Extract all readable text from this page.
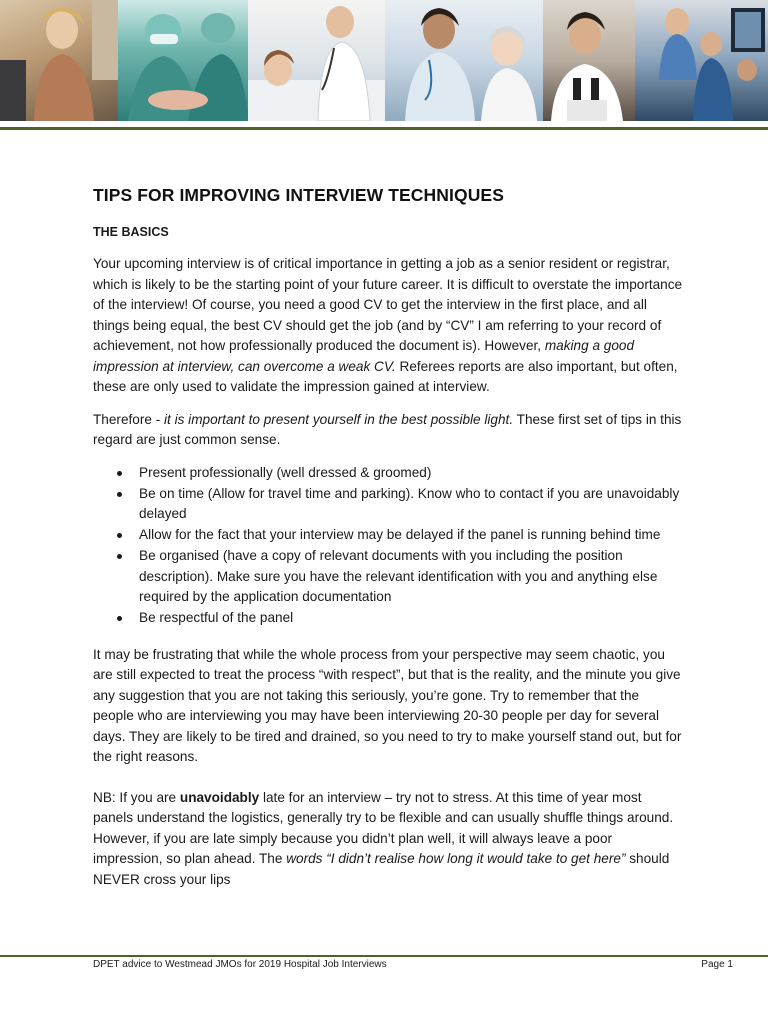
TIPS FOR IMPROVING INTERVIEW TECHNIQUES
THE BASICS

Your upcoming interview is of critical importance in getting a job as a senior resident or registrar, which is likely to be the starting point of your future career. It is difficult to overstate the importance of the interview! Of course, you need a good CV to get the interview in the first place, and all things being equal, the best CV should get the job (and by “CV” I am referring to your record of achievement, not how professionally produced the document is). However, making a good impression at interview, can overcome a weak CV. Referees reports are also important, but often, these are only used to validate the impression gained at interview.

Therefore - it is important to present yourself in the best possible light. These first set of tips in this regard are just common sense.

Present professionally (well dressed & groomed)
Be on time (Allow for travel time and parking). Know who to contact if you are unavoidably delayed
Allow for the fact that your interview may be delayed if the panel is running behind time
Be organised (have a copy of relevant documents with you including the position description). Make sure you have the relevant identification with you and anything else required by the application documentation
Be respectful of the panel

It may be frustrating that while the whole process from your perspective may seem chaotic, you are still expected to treat the process “with respect”, but that is the reality, and the minute you give any suggestion that you are not taking this seriously, you’re gone. Try to remember that the people who are interviewing you may have been interviewing 20-30 people per day for several days. They are likely to be tired and drained, so you need to try to make yourself stand out, but for the right reasons.

NB: If you are unavoidably late for an interview – try not to stress. At this time of year most panels understand the logistics, generally try to be flexible and can usually shuffle things around. However, if you are late simply because you didn’t plan well, it will always leave a poor impression, so plan ahead. The words “I didn’t realise how long it would take to get here” should NEVER cross your lips

DPET advice to Westmead JMOs for 2019 Hospital Job Interviews	Page 1
